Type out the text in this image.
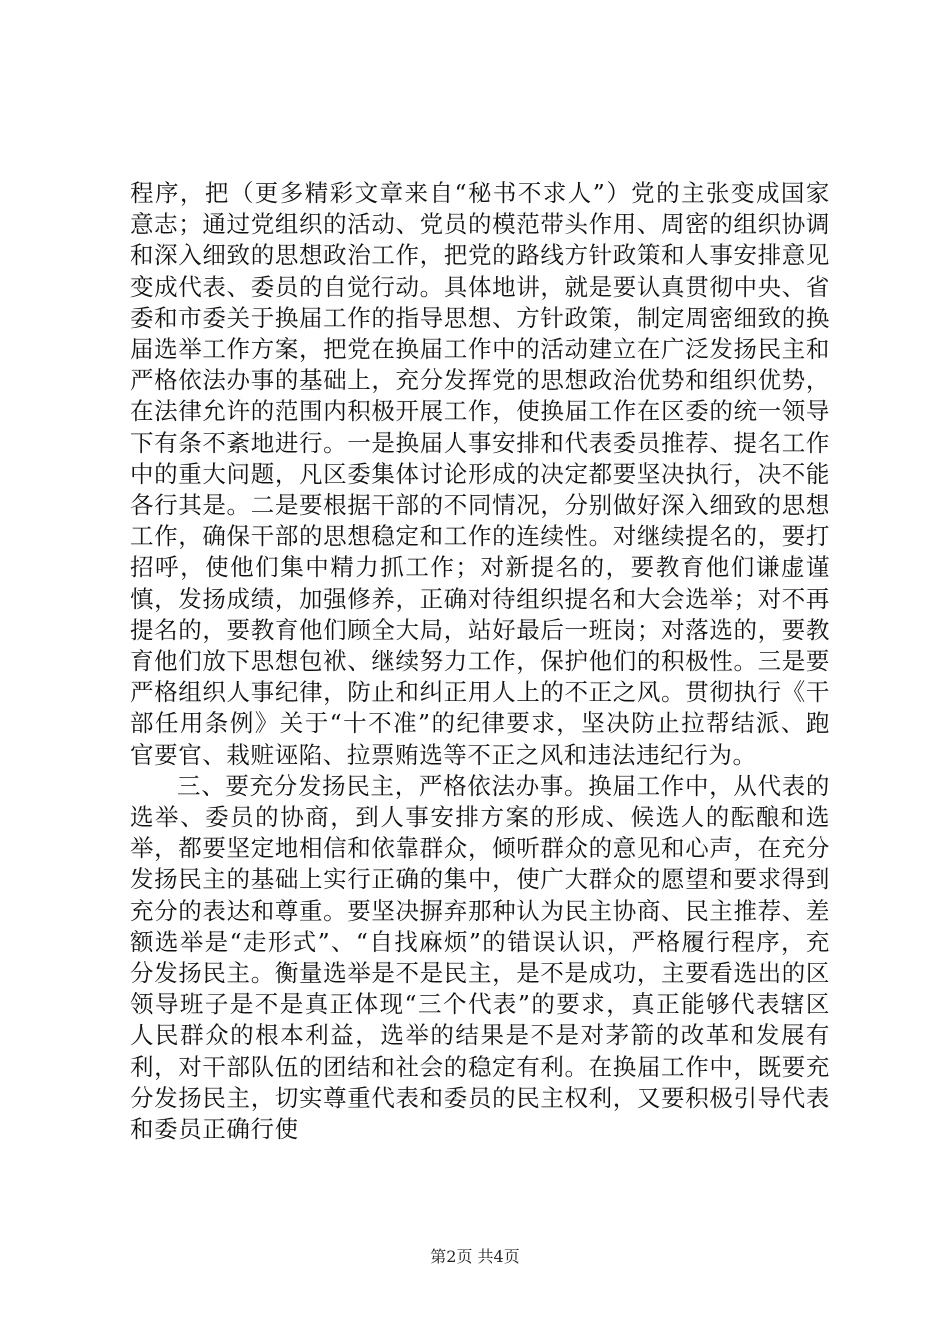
程序，把（更多精彩文章来自“秘书不求人”）党的主张变成国家意志；通过党组织的活动、党员的模范带头作用、周密的组织协调和深入细致的思想政治工作，把党的路线方针政策和人事安排意见变成代表、委员的自觉行动。具体地讲，就是要认真贯彻中央、省委和市委关于换届工作的指导思想、方针政策，制定周密细致的换届选举工作方案，把党在换届工作中的活动建立在广泛发扬民主和严格依法办事的基础上，充分发挥党的思想政治优势和组织优势，在法律允许的范围内积极开展工作，使换届工作在区委的统一领导下有条不紊地进行。一是换届人事安排和代表委员推荐、提名工作中的重大问题，凡区委集体讨论形成的决定都要坚决执行，决不能各行其是。二是要根据干部的不同情况，分别做好深入细致的思想工作，确保干部的思想稳定和工作的连续性。对继续提名的，要打招呼，使他们集中精力抓工作；对新提名的，要教育他们谦虚谨慎，发扬成绩，加强修养，正确对待组织提名和大会选举；对不再提名的，要教育他们顾全大局，站好最后一班岗；对落选的，要教育他们放下思想包袱、继续努力工作，保护他们的积极性。三是要严格组织人事纪律，防止和纠正用人上的不正之风。贯彻执行《干部任用条例》关于“十不准”的纪律要求，坚决防止拉帮结派、跑官要官、栽赃诬陷、拉票贿选等不正之风和违法违纪行为。

三、要充分发扬民主，严格依法办事。换届工作中，从代表的选举、委员的协商，到人事安排方案的形成、候选人的酝酿和选举，都要坚定地相信和依靠群众，倾听群众的意见和心声，在充分发扬民主的基础上实行正确的集中，使广大群众的愿望和要求得到充分的表达和尊重。要坚决摒弃那种认为民主协商、民主推荐、差额选举是“走形式”、“自找麻烦”的错误认识，严格履行程序，充分发扬民主。衡量选举是不是民主，是不是成功，主要看选出的区领导班子是不是真正体现“三个代表”的要求，真正能够代表辖区人民群众的根本利益，选举的结果是不是对茅箭的改革和发展有利，对干部队伍的团结和社会的稳定有利。在换届工作中，既要充分发扬民主，切实尊重代表和委员的民主权利，又要积极引导代表和委员正确行使

第2页 共4页
